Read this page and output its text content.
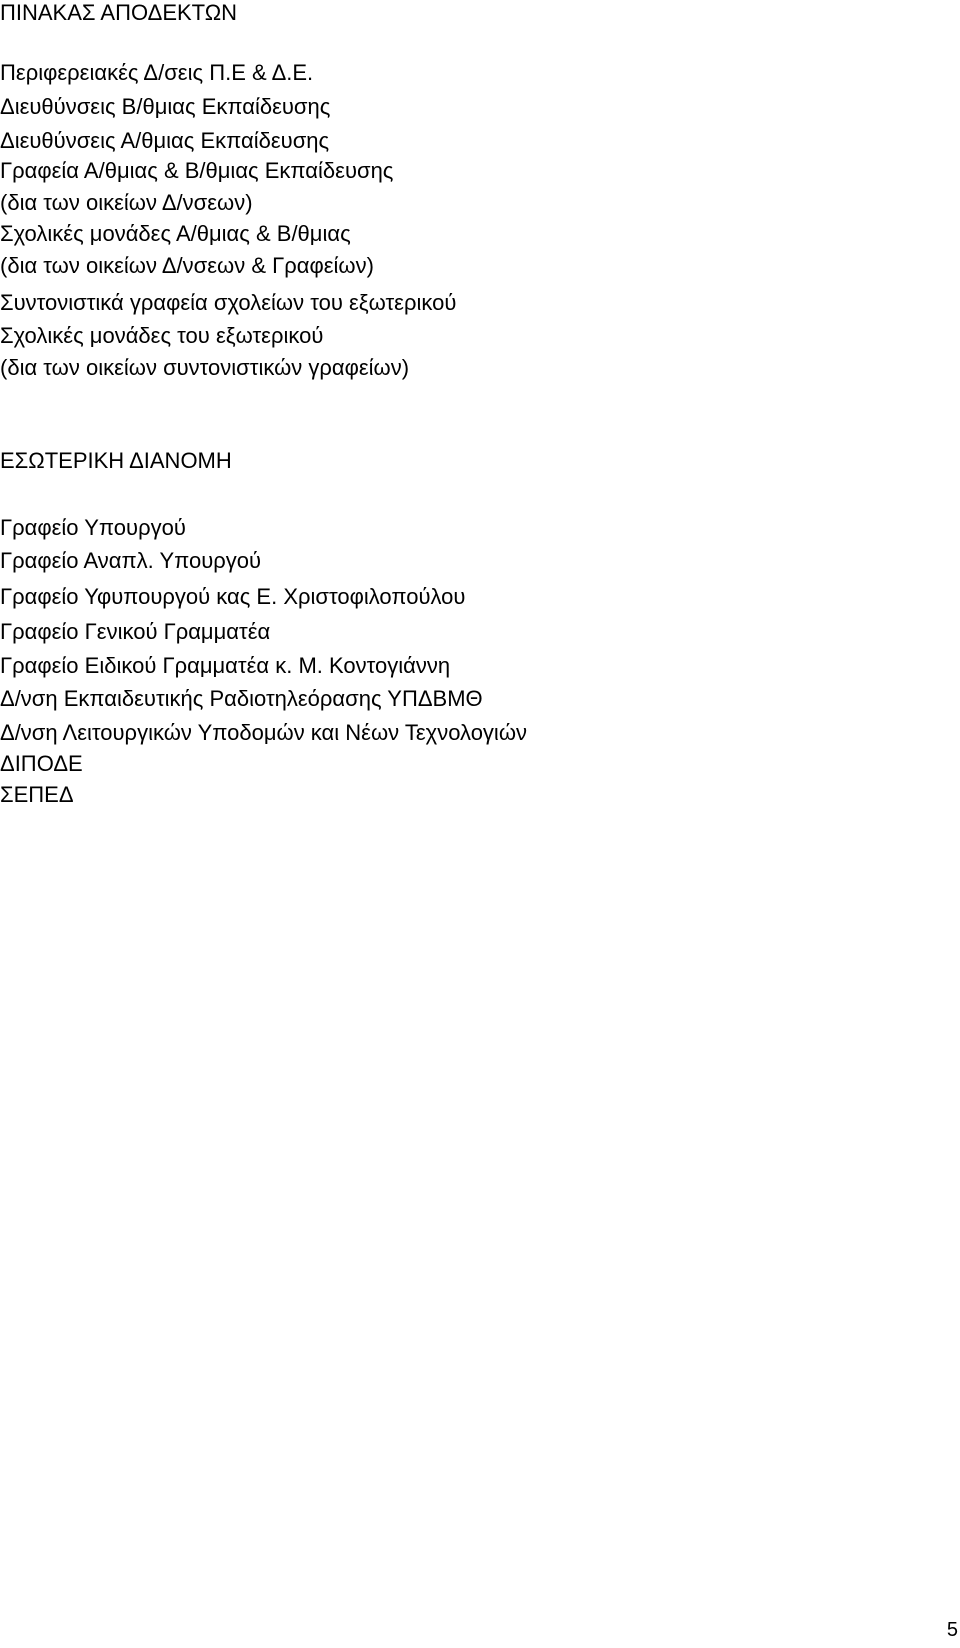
ΠΙΝΑΚΑΣ ΑΠΟΔΕΚΤΩΝ
Περιφερειακές Δ/σεις Π.Ε & Δ.Ε.
Διευθύνσεις Β/θμιας Εκπαίδευσης
Διευθύνσεις Α/θμιας Εκπαίδευσης
Γραφεία Α/θμιας & Β/θμιας Εκπαίδευσης
(δια των οικείων Δ/νσεων)
Σχολικές μονάδες Α/θμιας & Β/θμιας
(δια των οικείων Δ/νσεων & Γραφείων)
Συντονιστικά γραφεία σχολείων του εξωτερικού
Σχολικές μονάδες του εξωτερικού
(δια των οικείων συντονιστικών γραφείων)
ΕΣΩΤΕΡΙΚΗ ΔΙΑΝΟΜΗ
Γραφείο Υπουργού
Γραφείο Αναπλ. Υπουργού
Γραφείο Υφυπουργού κας Ε. Χριστοφιλοπούλου
Γραφείο Γενικού Γραμματέα
Γραφείο Ειδικού Γραμματέα κ. Μ. Κοντογιάννη
Δ/νση Εκπαιδευτικής Ραδιοτηλεόρασης ΥΠΔΒΜΘ
Δ/νση Λειτουργικών Υποδομών και Νέων Τεχνολογιών
ΔΙΠΟΔΕ
ΣΕΠΕΔ
5
